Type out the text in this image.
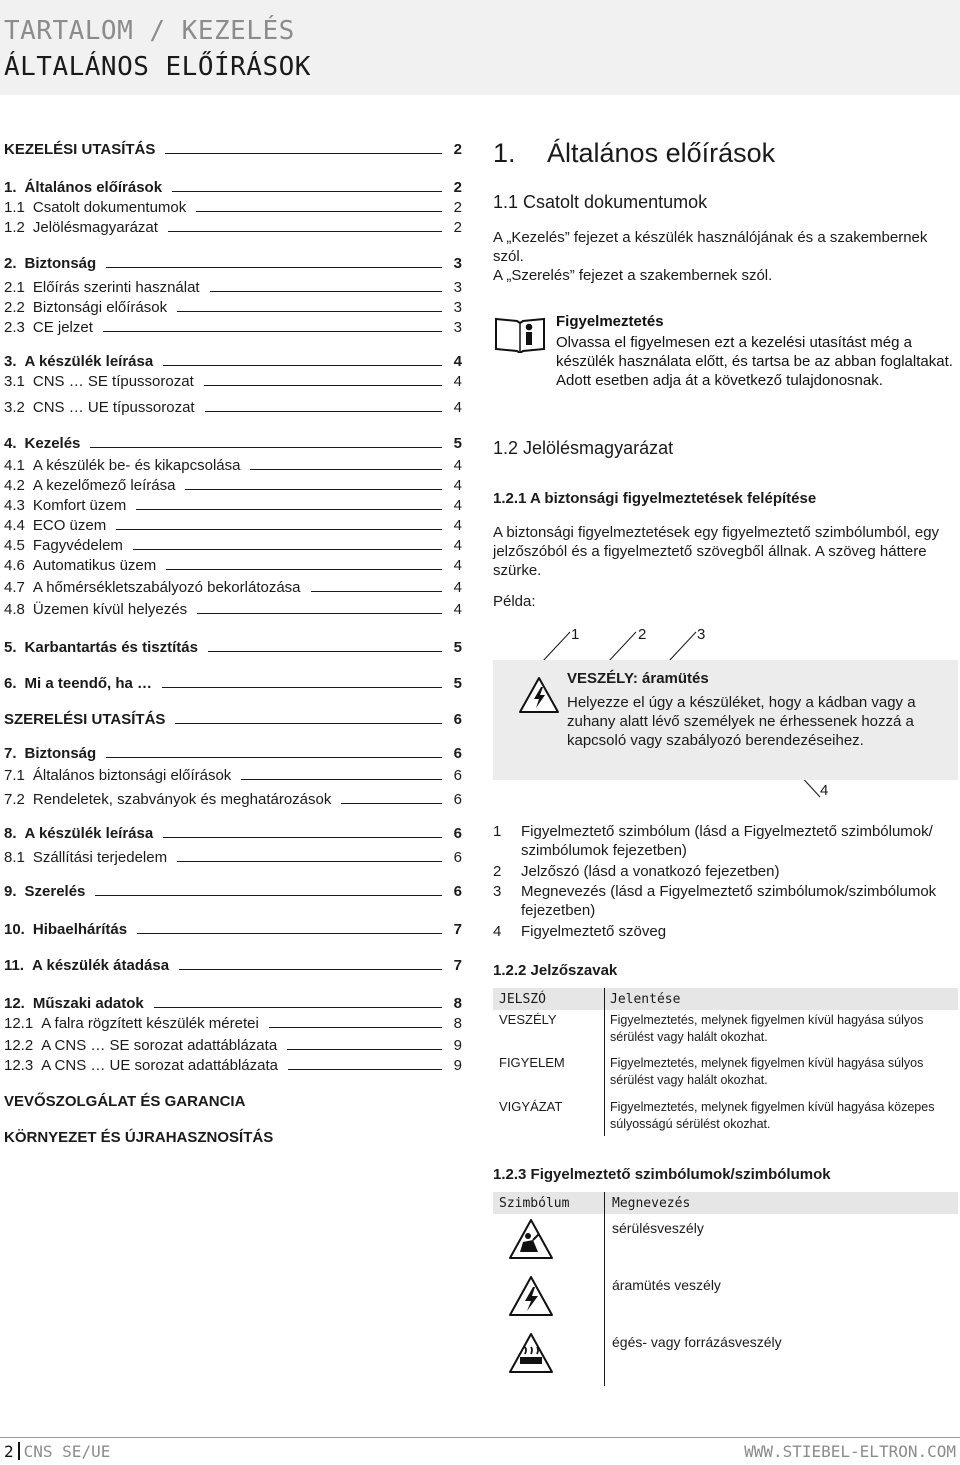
TARTALOM / KEZELÉS
ÁLTALÁNOS ELŐÍRÁSOK
KEZELÉSI UTASÍTÁS	2
1. Általános előírások	2
1.1 Csatolt dokumentumok	2
1.2 Jelölésmagyarázat	2
2. Biztonság	3
2.1 Előírás szerinti használat	3
2.2 Biztonsági előírások	3
2.3 CE jelzet	3
3. A készülék leírása	4
3.1 CNS … SE típussorozat	4
3.2 CNS … UE típussorozat	4
4. Kezelés	5
4.1 A készülék be- és kikapcsolása	4
4.2 A kezelőmező leírása	4
4.3 Komfort üzem	4
4.4 ECO üzem	4
4.5 Fagyvédelem	4
4.6 Automatikus üzem	4
4.7 A hőmérsékletszabályozó bekorlátozása	4
4.8 Üzemen kívül helyezés	4
5. Karbantartás és tisztítás	5
6. Mi a teendő, ha …	5
SZERELÉSI UTASÍTÁS	6
7. Biztonság	6
7.1 Általános biztonsági előírások	6
7.2 Rendeletek, szabványok és meghatározások	6
8. A készülék leírása	6
8.1 Szállítási terjedelem	6
9. Szerelés	6
10. Hibaelhárítás	7
11. A készülék átadása	7
12. Műszaki adatok	8
12.1 A falra rögzített készülék méretei	8
12.2 A CNS … SE sorozat adattáblázata	9
12.3 A CNS … UE sorozat adattáblázata	9
VEVŐSZOLGÁLAT ÉS GARANCIA
KÖRNYEZET ÉS ÚJRAHASZNOSÍTÁS
1. Általános előírások
1.1 Csatolt dokumentumok
A „Kezelés” fejezet a készülék használójának és a szakembernek szól.
A „Szerelés” fejezet a szakembernek szól.
Figyelmeztetés
Olvassa el figyelmesen ezt a kezelési utasítást még a készülék használata előtt, és tartsa be az abban foglaltakat. Adott esetben adja át a következő tulajdonosnak.
1.2 Jelölésmagyarázat
1.2.1 A biztonsági figyelmeztetések felépítése
A biztonsági figyelmeztetések egy figyelmeztető szimbólumból, egy jelzőszóból és a figyelmeztető szövegből állnak. A szöveg háttere szürke.
Példa:
1	2	3
VESZÉLY: áramütés
Helyezze el úgy a készüléket, hogy a kádban vagy a zuhany alatt lévő személyek ne érhessenek hozzá a kapcsoló vagy szabályozó berendezéseihez.
4
1	Figyelmeztető szimbólum (lásd a Figyelmeztető szimbólumok/ szimbólumok fejezetben)
2	Jelzőszó (lásd a vonatkozó fejezetben)
3	Megnevezés (lásd a Figyelmeztető szimbólumok/szimbólumok fejezetben)
4	Figyelmeztető szöveg
1.2.2 Jelzőszavak
JELSZÓ	Jelentése
VESZÉLY	Figyelmeztetés, melynek figyelmen kívül hagyása súlyos sérülést vagy halált okozhat.
FIGYELEM	Figyelmeztetés, melynek figyelmen kívül hagyása súlyos sérülést vagy halált okozhat.
VIGYÁZAT	Figyelmeztetés, melynek figyelmen kívül hagyása közepes súlyosságú sérülést okozhat.
1.2.3 Figyelmeztető szimbólumok/szimbólumok
Szimbólum	Megnevezés
sérülésveszély
áramütés veszély
égés- vagy forrázásveszély
2 CNS SE/UE	WWW.STIEBEL-ELTRON.COM
